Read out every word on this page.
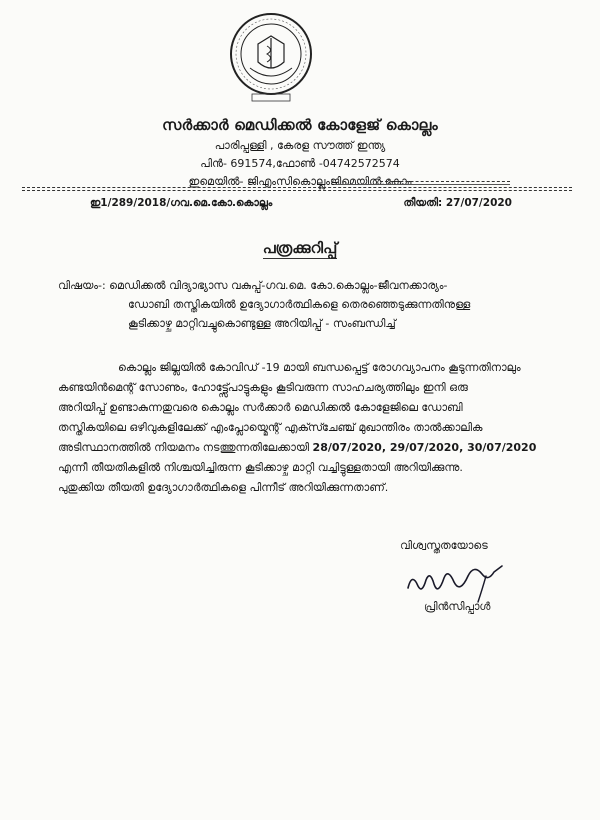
സർക്കാർ മെഡിക്കൽ കോളേജ് കൊല്ലം
പാരിപ്പള്ളി , കേരള സൗത്ത് ഇന്ത്യ
പിൻ- 691574,ഫോൺ -04742572574
ഇമെയിൽ- ജിഎംസികൊല്ലംജിമെയിൽ.കോം
ഇ1/289/2018/ഗവ.മെ.കോ.കൊല്ലം	തീയതി: 27/07/2020
പത്രക്കുറിപ്പ്
വിഷയം-: മെഡിക്കൽ വിദ്യാഭ്യാസ വകുപ്പ്-ഗവ.മെ. കോ.കൊല്ലം-ജീവനക്കാര്യം-
ഡോബി തസ്തികയിൽ ഉദ്യോഗാർത്ഥികളെ തെരഞ്ഞെടുക്കുന്നതിനുള്ള
കൂടിക്കാഴ്ച മാറ്റിവച്ചുകൊണ്ടുള്ള അറിയിപ്പ് - സംബന്ധിച്ച്
കൊല്ലം ജില്ലയിൽ കോവിഡ് -19 മായി ബന്ധപ്പെട്ട് രോഗവ്യാപനം കൂടുന്നതിനാലും
കണ്ടയിൻമെന്റ് സോണും, ഹോട്ട്സ്പോട്ടുകളും കൂടിവരുന്ന സാഹചര്യത്തിലും ഇനി ഒരു
അറിയിപ്പ് ഉണ്ടാകുന്നതുവരെ കൊല്ലം സർക്കാർ മെഡിക്കൽ കോളേജിലെ ഡോബി
തസ്തികയിലെ ഒഴിവുകളിലേക്ക് എംപ്ലോയ്മെന്റ് എക്സ്ചേഞ്ച് മുഖാന്തിരം താൽക്കാലിക
അടിസ്ഥാനത്തിൽ നിയമനം നടത്തുന്നതിലേക്കായി 28/07/2020, 29/07/2020, 30/07/2020
എന്നീ തീയതികളിൽ നിശ്ചയിച്ചിരുന്ന കൂടിക്കാഴ്ച മാറ്റി വച്ചിട്ടുള്ളതായി അറിയിക്കുന്നു.
പുതുക്കിയ തീയതി ഉദ്യോഗാർത്ഥികളെ പിന്നീട് അറിയിക്കുന്നതാണ്.
വിശ്വസ്തതയോടെ
പ്രിൻസിപ്പാൾ
